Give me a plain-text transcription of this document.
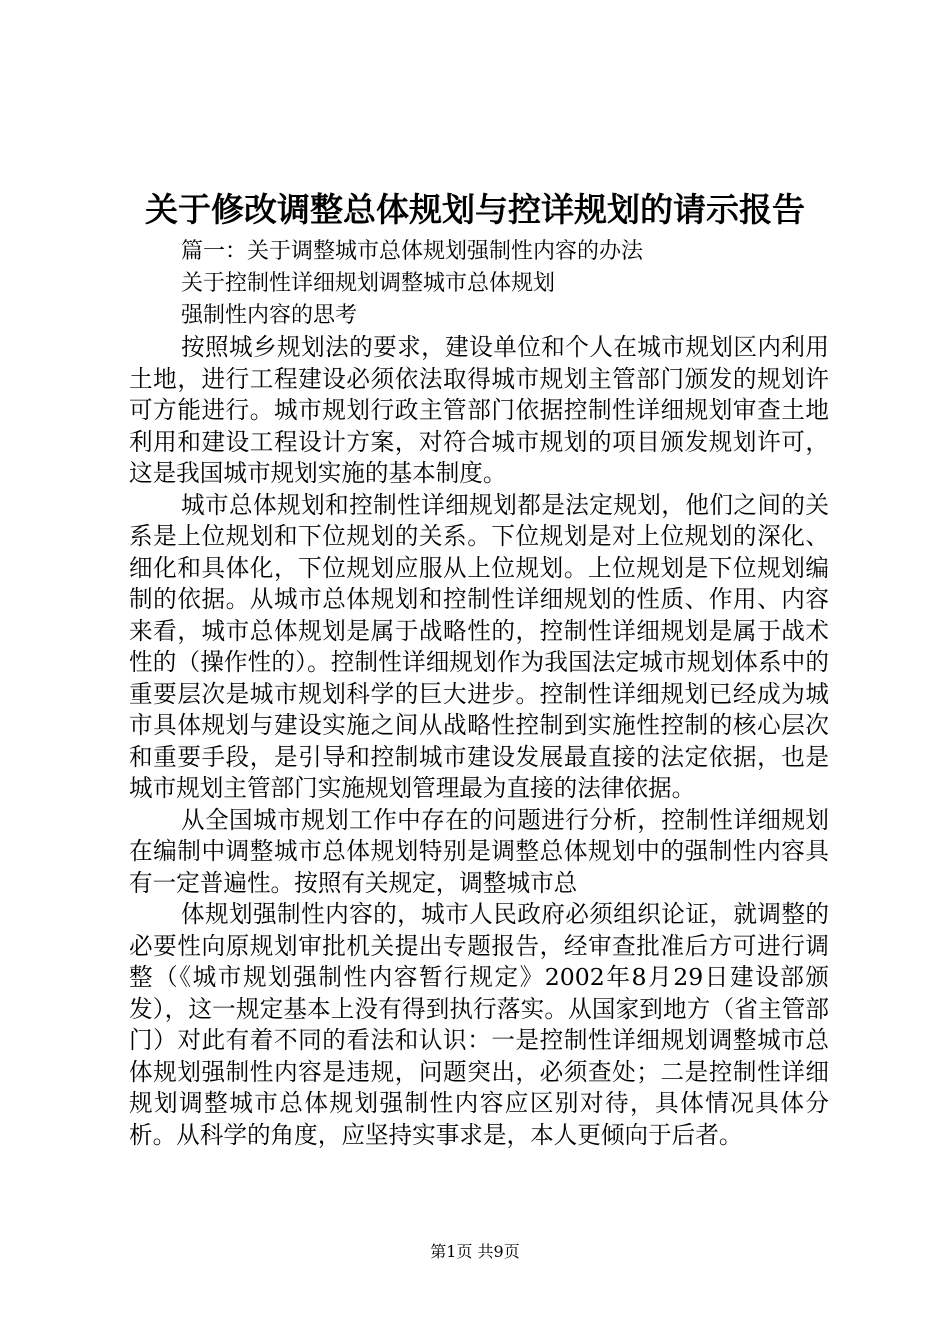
关于修改调整总体规划与控详规划的请示报告
篇一：关于调整城市总体规划强制性内容的办法
关于控制性详细规划调整城市总体规划
强制性内容的思考

按照城乡规划法的要求，建设单位和个人在城市规划区内利用土地，进行工程建设必须依法取得城市规划主管部门颁发的规划许可方能进行。城市规划行政主管部门依据控制性详细规划审查土地利用和建设工程设计方案，对符合城市规划的项目颁发规划许可，这是我国城市规划实施的基本制度。

城市总体规划和控制性详细规划都是法定规划，他们之间的关系是上位规划和下位规划的关系。下位规划是对上位规划的深化、细化和具体化，下位规划应服从上位规划。上位规划是下位规划编制的依据。从城市总体规划和控制性详细规划的性质、作用、内容来看，城市总体规划是属于战略性的，控制性详细规划是属于战术性的（操作性的）。控制性详细规划作为我国法定城市规划体系中的重要层次是城市规划科学的巨大进步。控制性详细规划已经成为城市具体规划与建设实施之间从战略性控制到实施性控制的核心层次和重要手段，是引导和控制城市建设发展最直接的法定依据，也是城市规划主管部门实施规划管理最为直接的法律依据。

从全国城市规划工作中存在的问题进行分析，控制性详细规划在编制中调整城市总体规划特别是调整总体规划中的强制性内容具有一定普遍性。按照有关规定，调整城市总

体规划强制性内容的，城市人民政府必须组织论证，就调整的必要性向原规划审批机关提出专题报告，经审查批准后方可进行调整（《城市规划强制性内容暂行规定》2002年8月29日建设部颁发），这一规定基本上没有得到执行落实。从国家到地方（省主管部门）对此有着不同的看法和认识：一是控制性详细规划调整城市总体规划强制性内容是违规，问题突出，必须查处；二是控制性详细规划调整城市总体规划强制性内容应区别对待，具体情况具体分析。从科学的角度，应坚持实事求是，本人更倾向于后者。

第1页 共9页
